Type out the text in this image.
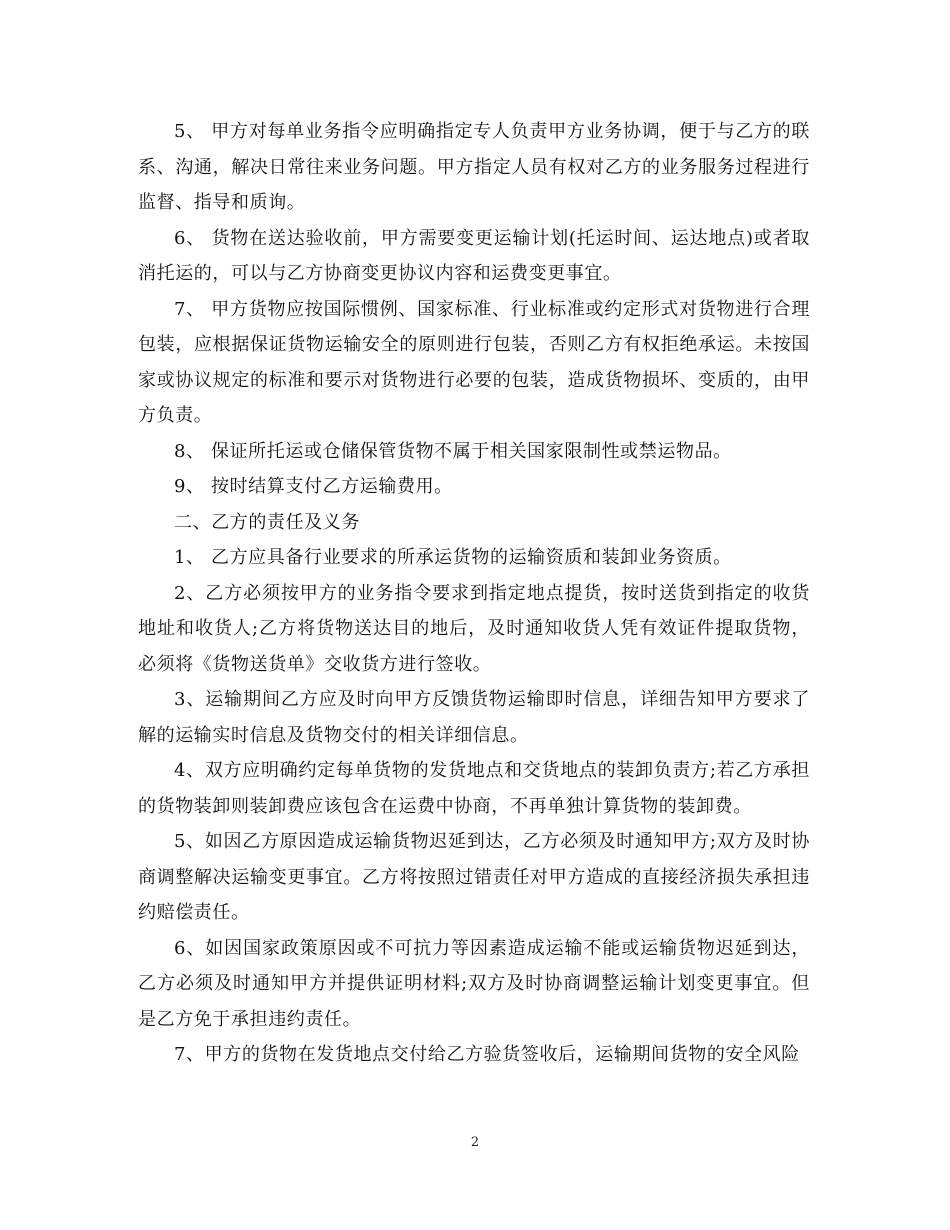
5、 甲方对每单业务指令应明确指定专人负责甲方业务协调，便于与乙方的联系、沟通，解决日常往来业务问题。甲方指定人员有权对乙方的业务服务过程进行监督、指导和质询。

6、 货物在送达验收前，甲方需要变更运输计划(托运时间、运达地点)或者取消托运的，可以与乙方协商变更协议内容和运费变更事宜。

7、 甲方货物应按国际惯例、国家标准、行业标准或约定形式对货物进行合理包装，应根据保证货物运输安全的原则进行包装，否则乙方有权拒绝承运。未按国家或协议规定的标准和要示对货物进行必要的包装，造成货物损坏、变质的，由甲方负责。

8、 保证所托运或仓储保管货物不属于相关国家限制性或禁运物品。

9、 按时结算支付乙方运输费用。

二、乙方的责任及义务

1、 乙方应具备行业要求的所承运货物的运输资质和装卸业务资质。

2、乙方必须按甲方的业务指令要求到指定地点提货，按时送货到指定的收货地址和收货人;乙方将货物送达目的地后，及时通知收货人凭有效证件提取货物，必须将《货物送货单》交收货方进行签收。

3、运输期间乙方应及时向甲方反馈货物运输即时信息，详细告知甲方要求了解的运输实时信息及货物交付的相关详细信息。

4、双方应明确约定每单货物的发货地点和交货地点的装卸负责方;若乙方承担的货物装卸则装卸费应该包含在运费中协商，不再单独计算货物的装卸费。

5、如因乙方原因造成运输货物迟延到达，乙方必须及时通知甲方;双方及时协商调整解决运输变更事宜。乙方将按照过错责任对甲方造成的直接经济损失承担违约赔偿责任。

6、如因国家政策原因或不可抗力等因素造成运输不能或运输货物迟延到达，乙方必须及时通知甲方并提供证明材料;双方及时协商调整运输计划变更事宜。但是乙方免于承担违约责任。

7、甲方的货物在发货地点交付给乙方验货签收后，运输期间货物的安全风险

2
